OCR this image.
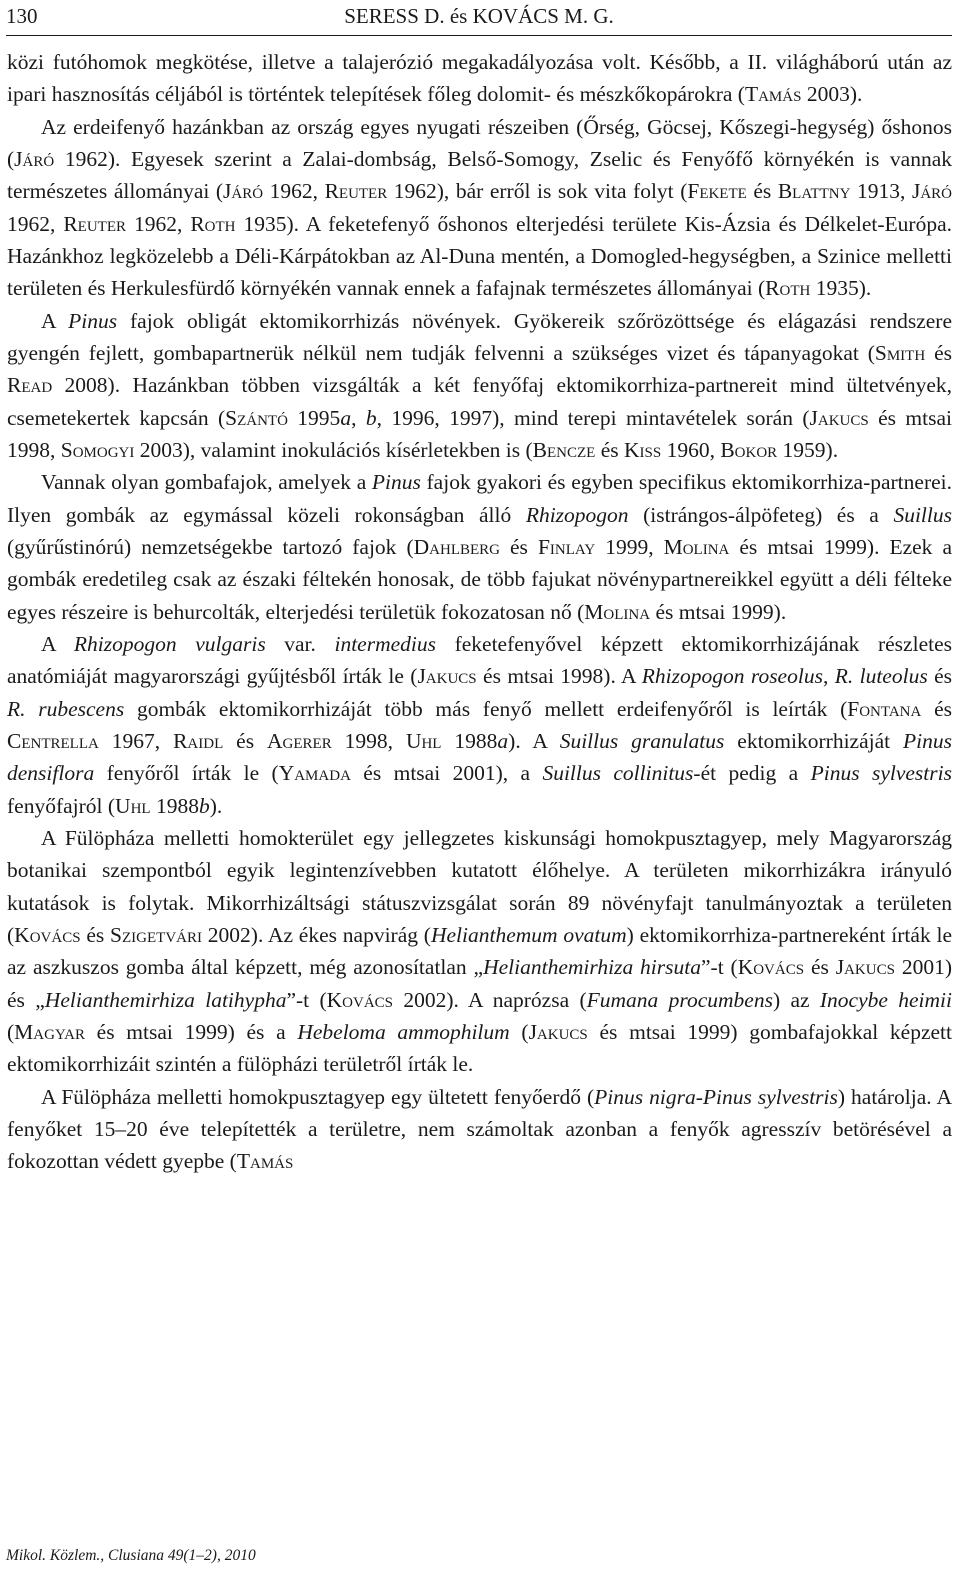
130	SERESS D. és KOVÁCS M. G.

közi futóhomok megkötése, illetve a talajerózió megakadályozása volt. Később, a II. világháború után az ipari hasznosítás céljából is történtek telepítések főleg dolomit- és mészkőkopárokra (Tamás 2003).

Az erdeifenyő hazánkban az ország egyes nyugati részeiben (Őrség, Göcsej, Kőszegi-hegység) őshonos (Járó 1962). Egyesek szerint a Zalai-dombság, Belső-Somogy, Zselic és Fenyőfő környékén is vannak természetes állományai (Járó 1962, Reuter 1962), bár erről is sok vita folyt (Fekete és Blattny 1913, Járó 1962, Reuter 1962, Roth 1935). A feketefenyő őshonos elterjedési területe Kis-Ázsia és Délkelet-Európa. Hazánkhoz legközelebb a Déli-Kárpátokban az Al-Duna mentén, a Domogled-hegységben, a Szinice melletti területen és Herkulesfürdő környékén vannak ennek a fafajnak természetes állományai (Roth 1935).

A Pinus fajok obligát ektomikorrhizás növények. Gyökereik szőrözöttsége és elágazási rendszere gyengén fejlett, gombapartnerük nélkül nem tudják felvenni a szükséges vizet és tápanyagokat (Smith és Read 2008). Hazánkban többen vizsgálták a két fenyőfaj ektomikorrhiza-partnereit mind ültetvények, csemetekertek kapcsán (Szántó 1995a, b, 1996, 1997), mind terepi mintavételek során (Jakucs és mtsai 1998, Somogyi 2003), valamint inokulációs kísérletekben is (Bencze és Kiss 1960, Bokor 1959).

Vannak olyan gombafajok, amelyek a Pinus fajok gyakori és egyben specifikus ektomikorrhiza-partnerei. Ilyen gombák az egymással közeli rokonságban álló Rhizopogon (istrángos-álpöfeteg) és a Suillus (gyűrűstinórú) nemzetségekbe tartozó fajok (Dahlberg és Finlay 1999, Molina és mtsai 1999). Ezek a gombák eredetileg csak az északi féltekén honosak, de több fajukat növénypartnereikkel együtt a déli félteke egyes részeire is behurcolták, elterjedési területük fokozatosan nő (Molina és mtsai 1999).

A Rhizopogon vulgaris var. intermedius feketefenyővel képzett ektomikorrhizájának részletes anatómiáját magyarországi gyűjtésből írták le (Jakucs és mtsai 1998). A Rhizopogon roseolus, R. luteolus és R. rubescens gombák ektomikorrhizáját több más fenyő mellett erdeifenyőről is leírták (Fontana és Centrella 1967, Raidl és Agerer 1998, Uhl 1988a). A Suillus granulatus ektomikorrhizáját Pinus densiflora fenyőről írták le (Yamada és mtsai 2001), a Suillus collinitus-ét pedig a Pinus sylvestris fenyőfajról (Uhl 1988b).

A Fülöpháza melletti homokterület egy jellegzetes kiskunsági homokpusztagyep, mely Magyarország botanikai szempontból egyik legintenzívebben kutatott élőhelye. A területen mikorrhizákra irányuló kutatások is folytak. Mikorrhizáltsági státuszvizsgálat során 89 növényfajt tanulmányoztak a területen (Kovács és Szigetvári 2002). Az ékes napvirág (Helianthemum ovatum) ektomikorrhiza-partnereként írták le az aszkuszos gomba által képzett, még azonosítatlan „Helianthemirhiza hirsuta”-t (Kovács és Jakucs 2001) és „Helianthemirhiza latihypha”-t (Kovács 2002). A naprózsa (Fumana procumbens) az Inocybe heimii (Magyar és mtsai 1999) és a Hebeloma ammophilum (Jakucs és mtsai 1999) gombafajokkal képzett ektomikorrhizáit szintén a fülöpházi területről írták le.

A Fülöpháza melletti homokpusztagyep egy ültetett fenyőerdő (Pinus nigra-Pinus sylvestris) határolja. A fenyőket 15–20 éve telepítették a területre, nem számoltak azonban a fenyők agresszív betörésével a fokozottan védett gyepbe (Tamás

Mikol. Közlem., Clusiana 49(1–2), 2010
